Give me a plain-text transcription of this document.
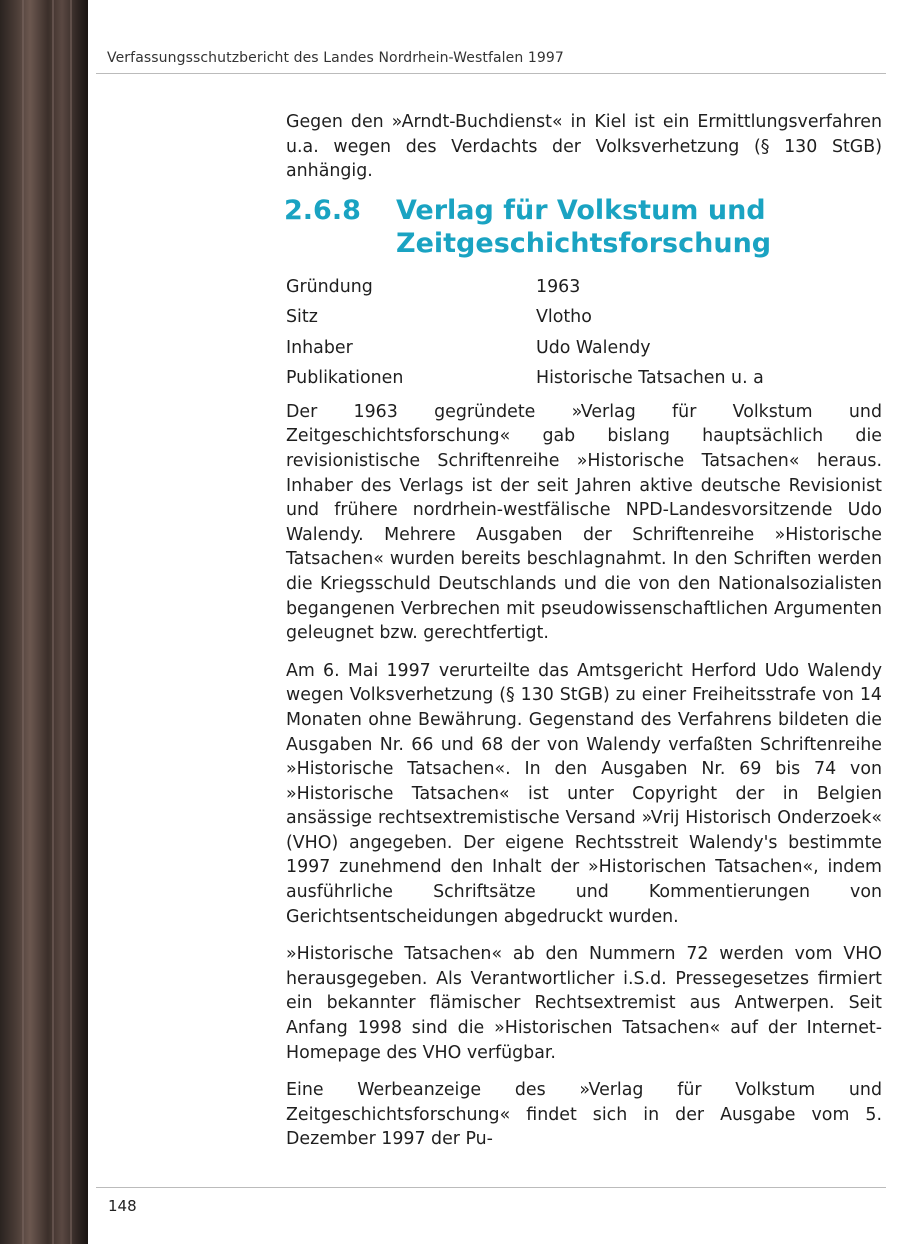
Verfassungsschutzbericht des Landes Nordrhein-Westfalen 1997

Gegen den »Arndt-Buchdienst« in Kiel ist ein Ermittlungsverfahren u.a. wegen des Verdachts der Volksverhetzung (§ 130 StGB) anhängig.

2.6.8	Verlag für Volkstum und
Zeitgeschichtsforschung
Gründung	1963
Sitz	Vlotho
Inhaber	Udo Walendy
Publikationen	Historische Tatsachen u. a

Der 1963 gegründete »Verlag für Volkstum und Zeitgeschichtsforschung« gab bislang hauptsächlich die revisionistische Schriftenreihe »Historische Tatsachen« heraus. Inhaber des Verlags ist der seit Jahren aktive deutsche Revisionist und frühere nordrhein-westfälische NPD-Landesvorsitzende Udo Walendy. Mehrere Ausgaben der Schriftenreihe »Historische Tatsachen« wurden bereits beschlagnahmt. In den Schriften werden die Kriegsschuld Deutschlands und die von den Nationalsozialisten begangenen Verbrechen mit pseudowissenschaftlichen Argumenten geleugnet bzw. gerechtfertigt.

Am 6. Mai 1997 verurteilte das Amtsgericht Herford Udo Walendy wegen Volksverhetzung (§ 130 StGB) zu einer Freiheitsstrafe von 14 Monaten ohne Bewährung. Gegenstand des Verfahrens bildeten die Ausgaben Nr. 66 und 68 der von Walendy verfaßten Schriftenreihe »Historische Tatsachen«. In den Ausgaben Nr. 69 bis 74 von »Historische Tatsachen« ist unter Copyright der in Belgien ansässige rechtsextremistische Versand »Vrij Historisch Onderzoek« (VHO) angegeben. Der eigene Rechtsstreit Walendy's bestimmte 1997 zunehmend den Inhalt der »Historischen Tatsachen«, indem ausführliche Schriftsätze und Kommentierungen von Gerichtsentscheidungen abgedruckt wurden.

»Historische Tatsachen« ab den Nummern 72 werden vom VHO herausgegeben. Als Verantwortlicher i.S.d. Pressegesetzes firmiert ein bekannter flämischer Rechtsextremist aus Antwerpen. Seit Anfang 1998 sind die »Historischen Tatsachen« auf der Internet-Homepage des VHO verfügbar.

Eine Werbeanzeige des »Verlag für Volkstum und Zeitgeschichtsforschung« findet sich in der Ausgabe vom 5. Dezember 1997 der Pu-

148
